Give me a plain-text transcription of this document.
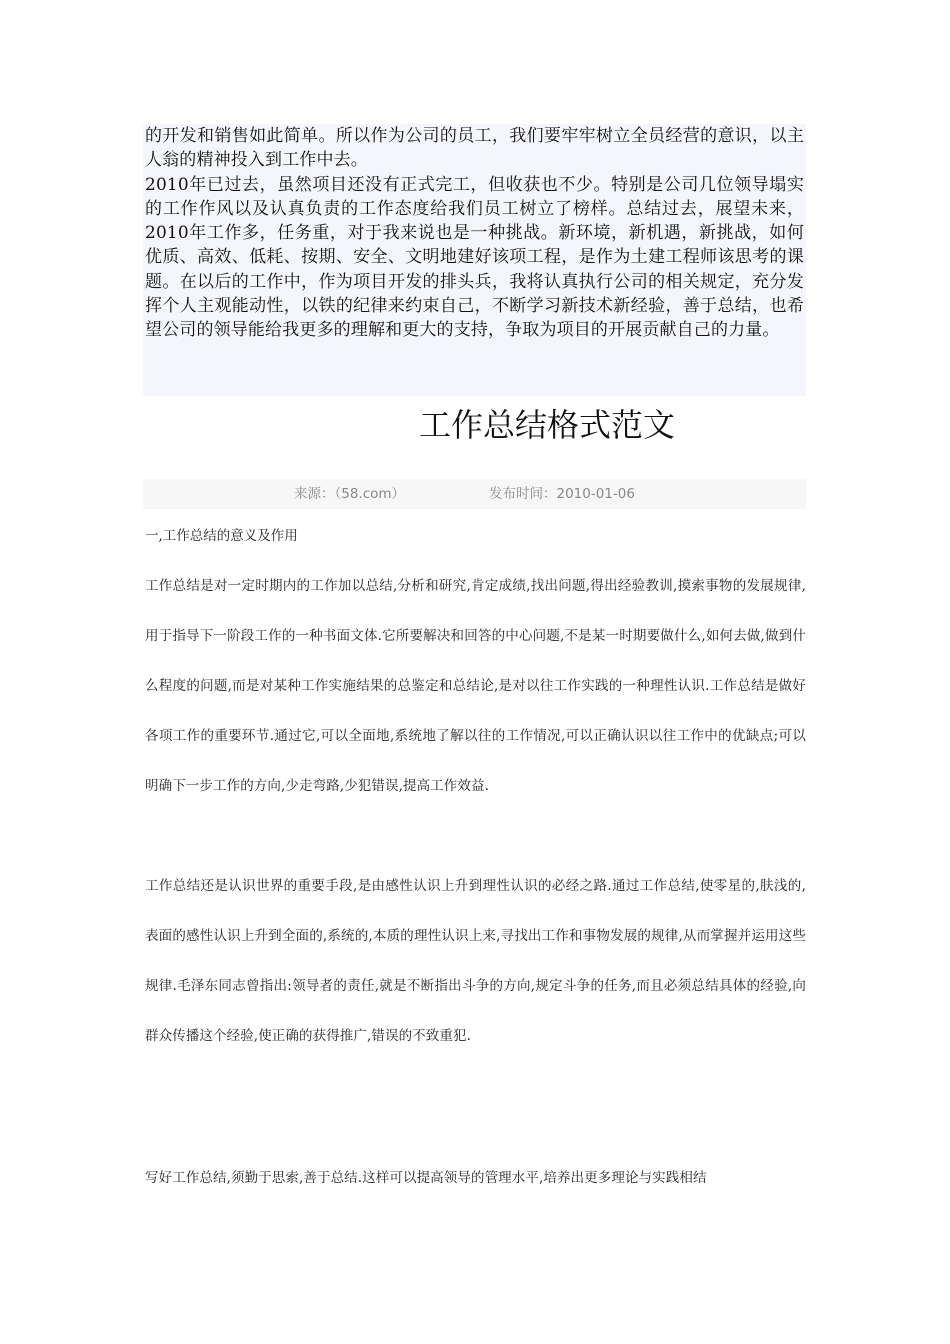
的开发和销售如此简单。所以作为公司的员工，我们要牢牢树立全员经营的意识，以主人翁的精神投入到工作中去。

2010年已过去，虽然项目还没有正式完工，但收获也不少。特别是公司几位领导塌实的工作作风以及认真负责的工作态度给我们员工树立了榜样。总结过去，展望未来，2010年工作多，任务重，对于我来说也是一种挑战。新环境，新机遇，新挑战，如何优质、高效、低耗、按期、安全、文明地建好该项工程，是作为土建工程师该思考的课题。在以后的工作中，作为项目开发的排头兵，我将认真执行公司的相关规定，充分发挥个人主观能动性，以铁的纪律来约束自己，不断学习新技术新经验，善于总结，也希望公司的领导能给我更多的理解和更大的支持，争取为项目的开展贡献自己的力量。

工作总结格式范文
来源：（58.com）	发布时间：2010-01-06
一,工作总结的意义及作用
工作总结是对一定时期内的工作加以总结,分析和研究,肯定成绩,找出问题,得出经验教训,摸索事物的发展规律,用于指导下一阶段工作的一种书面文体.它所要解决和回答的中心问题,不是某一时期要做什么,如何去做,做到什么程度的问题,而是对某种工作实施结果的总鉴定和总结论,是对以往工作实践的一种理性认识.工作总结是做好各项工作的重要环节.通过它,可以全面地,系统地了解以往的工作情况,可以正确认识以往工作中的优缺点;可以明确下一步工作的方向,少走弯路,少犯错误,提高工作效益.
工作总结还是认识世界的重要手段,是由感性认识上升到理性认识的必经之路.通过工作总结,使零星的,肤浅的,表面的感性认识上升到全面的,系统的,本质的理性认识上来,寻找出工作和事物发展的规律,从而掌握并运用这些规律.毛泽东同志曾指出:领导者的责任,就是不断指出斗争的方向,规定斗争的任务,而且必须总结具体的经验,向群众传播这个经验,使正确的获得推广,错误的不致重犯.
写好工作总结,须勤于思索,善于总结.这样可以提高领导的管理水平,培养出更多理论与实践相结
